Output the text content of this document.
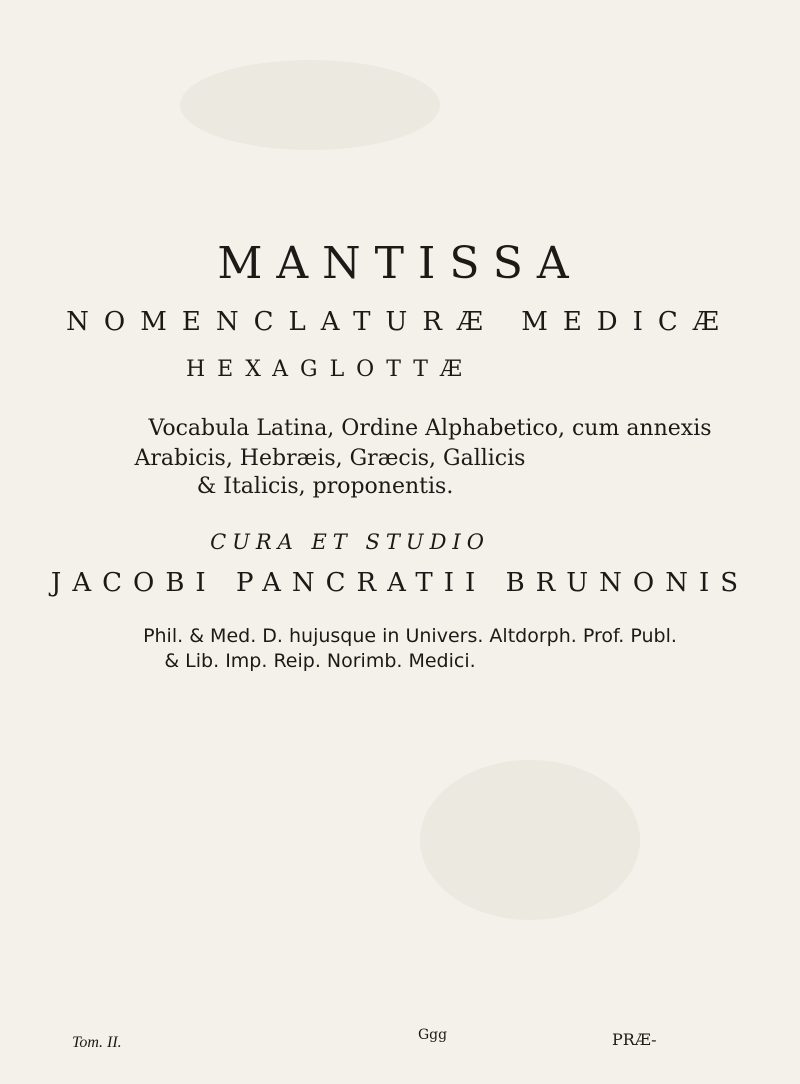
MANTISSA
NOMENCLATURÆ MEDICÆ
HEXAGLOTTÆ
Vocabula Latina, Ordine Alphabetico, cum annexis
Arabicis, Hebræis, Græcis, Gallicis
& Italicis, proponentis.
CURA ET STUDIO
JACOBI PANCRATII BRUNONIS
Phil. & Med. D. hujusque in Univers. Altdorph. Prof. Publ.
& Lib. Imp. Reip. Norimb. Medici.
Tom. II.	Ggg	PRÆ-
